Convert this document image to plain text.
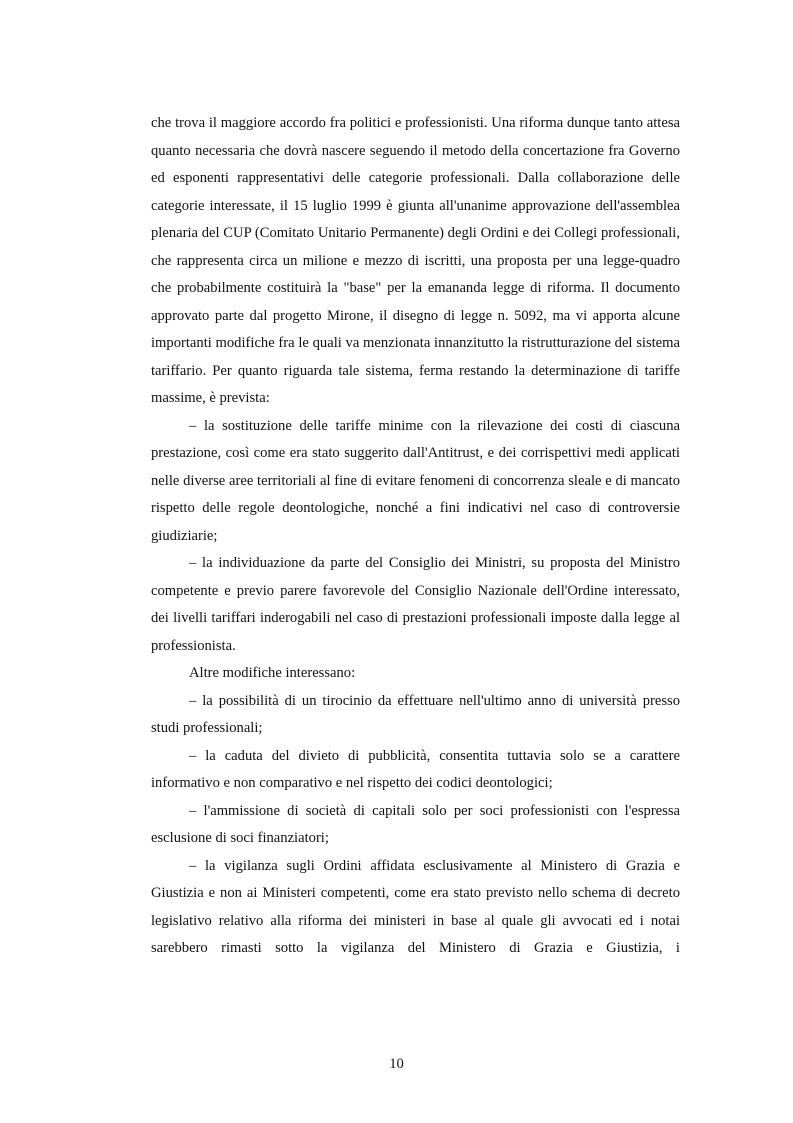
che trova il maggiore accordo fra politici e professionisti. Una riforma dunque tanto attesa quanto necessaria che dovrà nascere seguendo il metodo della concertazione fra Governo ed esponenti rappresentativi delle categorie professionali. Dalla collaborazione delle categorie interessate, il 15 luglio 1999 è giunta all'unanime approvazione dell'assemblea plenaria del CUP (Comitato Unitario Permanente) degli Ordini e dei Collegi professionali, che rappresenta circa un milione e mezzo di iscritti, una proposta per una legge-quadro che probabilmente costituirà la "base" per la emananda legge di riforma. Il documento approvato parte dal progetto Mirone, il disegno di legge n. 5092, ma vi apporta alcune importanti modifiche fra le quali va menzionata innanzitutto la ristrutturazione del sistema tariffario. Per quanto riguarda tale sistema, ferma restando la determinazione di tariffe massime, è prevista:

– la sostituzione delle tariffe minime con la rilevazione dei costi di ciascuna prestazione, così come era stato suggerito dall'Antitrust, e dei corrispettivi medi applicati nelle diverse aree territoriali al fine di evitare fenomeni di concorrenza sleale e di mancato rispetto delle regole deontologiche, nonché a fini indicativi nel caso di controversie giudiziarie;

– la individuazione da parte del Consiglio dei Ministri, su proposta del Ministro competente e previo parere favorevole del Consiglio Nazionale dell'Ordine interessato, dei livelli tariffari inderogabili nel caso di prestazioni professionali imposte dalla legge al professionista.

Altre modifiche interessano:

– la possibilità di un tirocinio da effettuare nell'ultimo anno di università presso studi professionali;

– la caduta del divieto di pubblicità, consentita tuttavia solo se a carattere informativo e non comparativo e nel rispetto dei codici deontologici;

– l'ammissione di società di capitali solo per soci professionisti con l'espressa esclusione di soci finanziatori;

– la vigilanza sugli Ordini affidata esclusivamente al Ministero di Grazia e Giustizia e non ai Ministeri competenti, come era stato previsto nello schema di decreto legislativo relativo alla riforma dei ministeri in base al quale gli avvocati ed i notai sarebbero rimasti sotto la vigilanza del Ministero di Grazia e Giustizia, i

10
